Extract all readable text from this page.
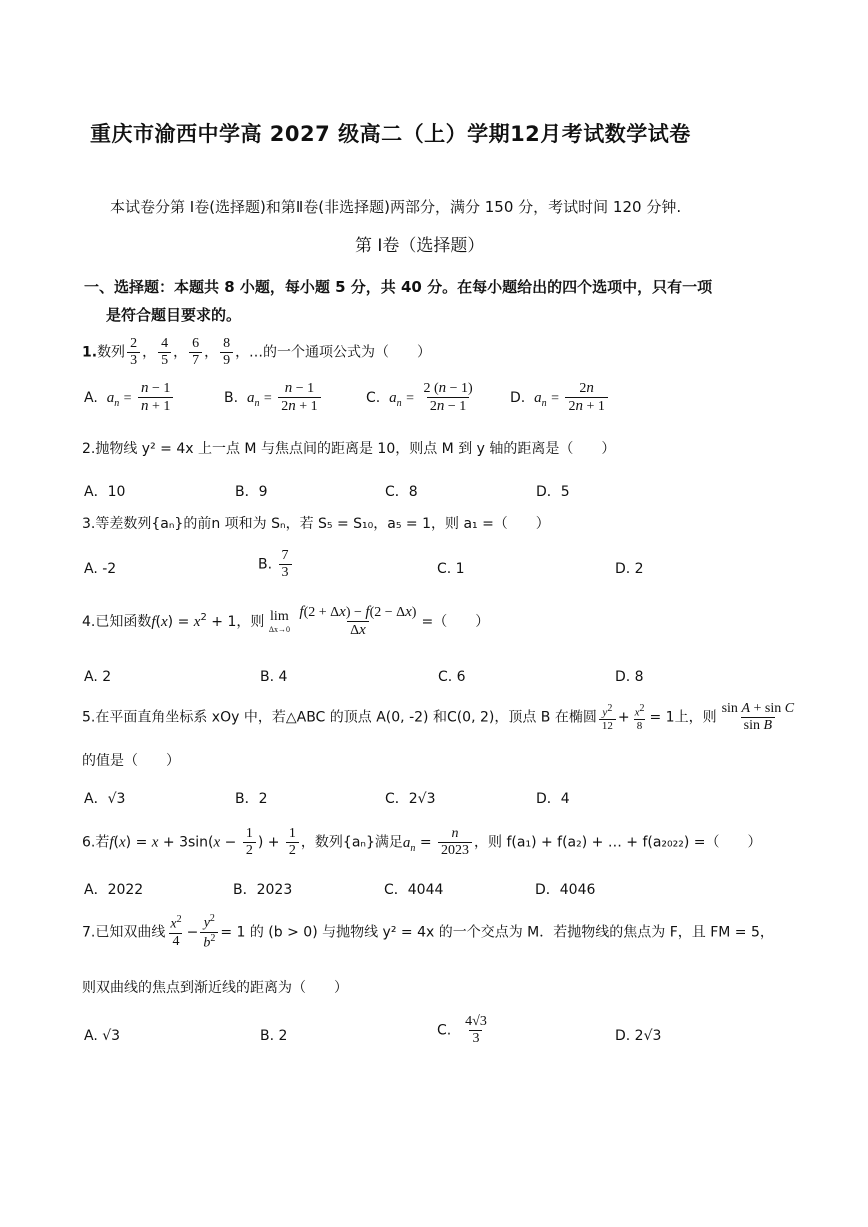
重庆市渝西中学高 2027 级高二（上）学期12月考试数学试卷
本试卷分第 Ⅰ卷(选择题)和第Ⅱ卷(非选择题)两部分，满分 150 分，考试时间 120 分钟.
第 Ⅰ卷（选择题）
一、选择题：本题共 8 小题，每小题 5 分，共 40 分。在每小题给出的四个选项中，只有一项
是符合题目要求的。
1.数列 $\frac{2}{3}$ ， $\frac{4}{5}$ ， $\frac{6}{7}$ ， $\frac{8}{9}$ ，…的一个通项公式为（　　）
A. $a_n = \frac{n - 1}{n + 1}$	B. $a_n = \frac{n - 1}{2n + 1}$	C. $a_n = \frac{2 (n - 1)}{2n - 1} D$. $a_n = \frac{2n}{2n + 1}$
2.抛物线 y² = 4x 上一点 M 与焦点间的距离是 10，则点 M 到 y 轴的距离是（　　）
A．10	B．9	C．8	D．5
3.等差数列{aₙ}的前n 项和为 Sₙ，若 S₅ = S₁₀，a₅ = 1，则 a₁ =（　　）
A. -2	B. $\frac{7}{3}$	C. 1	D. 2
4.已知函数$f(x) = x^2 + 1$，则 lim
Δx→0
$\frac{f(2 + \Delta x) - f(2 - \Delta x)}{\Delta x}$ =（　　）
A. 2	B. 4	C. 6	D. 8
5.在平面直角坐标系 xOy 中，若△ABC 的顶点 A(0, -2) 和C(0, 2)，顶点 B 在椭圆 $\frac{y^2}{12} + \frac{x^2}{8} = 1$上，则 $\frac{\text{sin A + sin C}}{\text{sin B}}$
的值是（　　）
A．√3	B．2	C．2√3	D．4
6.若$f(x) = x + 3\sin(x - \frac{1}{2}$ ) + $\frac{1}{2}$ ，数列{aₙ}满足$a_n = \frac{n}{2023}$ ，则 f(a₁) + f(a₂) + … + f(a₂₀₂₂) =（　　）
A．2022	B．2023	C．4044	D．4046
7.已知双曲线 $\frac{x^2}{4} - \frac{y^2}{b^2} = 1$ 的 (b > 0) 与抛物线 y² = 4x 的一个交点为 M．若抛物线的焦点为 F，且 FM = 5，
则双曲线的焦点到渐近线的距离为（　　）
A. √3	B. 2	C. $\frac{4√3}{3}$	D. 2√3
